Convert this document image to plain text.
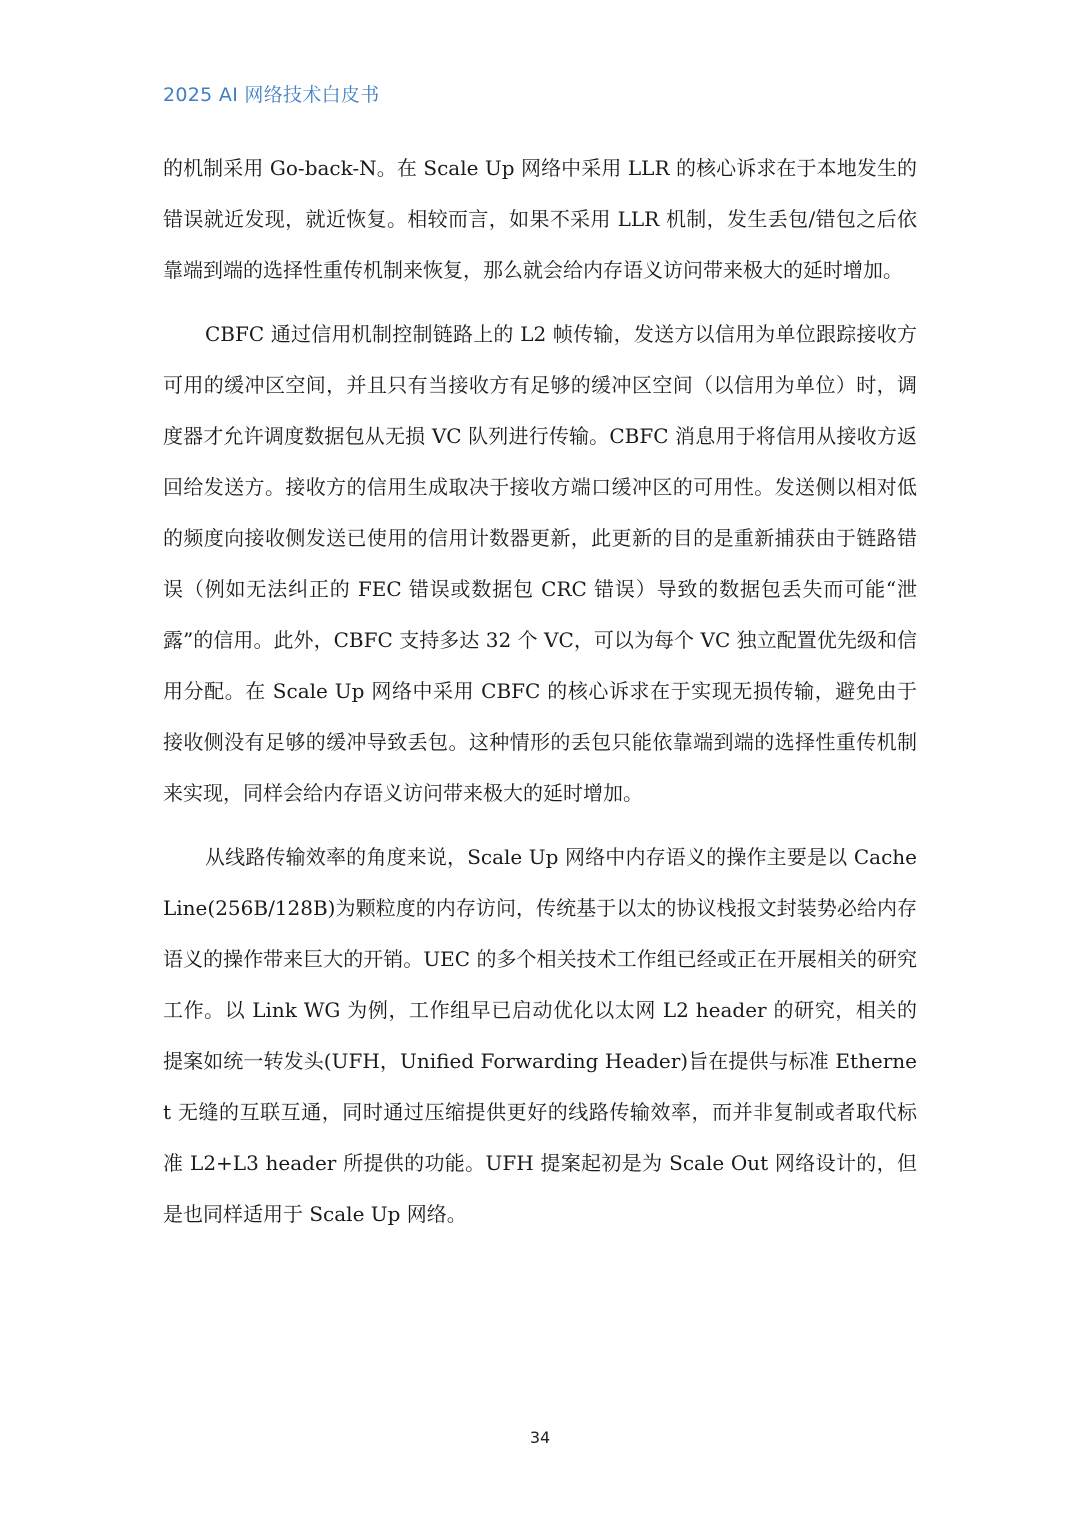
2025 AI 网络技术白皮书

的机制采用 Go-back-N。在 Scale Up 网络中采用 LLR 的核心诉求在于本地发生的错误就近发现，就近恢复。相较而言，如果不采用 LLR 机制，发生丢包/错包之后依靠端到端的选择性重传机制来恢复，那么就会给内存语义访问带来极大的延时增加。

CBFC 通过信用机制控制链路上的 L2 帧传输，发送方以信用为单位跟踪接收方可用的缓冲区空间，并且只有当接收方有足够的缓冲区空间（以信用为单位）时，调度器才允许调度数据包从无损 VC 队列进行传输。CBFC 消息用于将信用从接收方返回给发送方。接收方的信用生成取决于接收方端口缓冲区的可用性。发送侧以相对低的频度向接收侧发送已使用的信用计数器更新，此更新的目的是重新捕获由于链路错误（例如无法纠正的 FEC 错误或数据包 CRC 错误）导致的数据包丢失而可能“泄露”的信用。此外，CBFC 支持多达 32 个 VC，可以为每个 VC 独立配置优先级和信用分配。在 Scale Up 网络中采用 CBFC 的核心诉求在于实现无损传输，避免由于接收侧没有足够的缓冲导致丢包。这种情形的丢包只能依靠端到端的选择性重传机制来实现，同样会给内存语义访问带来极大的延时增加。

从线路传输效率的角度来说，Scale Up 网络中内存语义的操作主要是以 Cache Line(256B/128B)为颗粒度的内存访问，传统基于以太的协议栈报文封装势必给内存语义的操作带来巨大的开销。UEC 的多个相关技术工作组已经或正在开展相关的研究工作。以 Link WG 为例，工作组早已启动优化以太网 L2 header 的研究，相关的提案如统一转发头(UFH，Unified Forwarding Header)旨在提供与标准 Ethernet 无缝的互联互通，同时通过压缩提供更好的线路传输效率，而并非复制或者取代标准 L2+L3 header 所提供的功能。UFH 提案起初是为 Scale Out 网络设计的，但是也同样适用于 Scale Up 网络。

34
